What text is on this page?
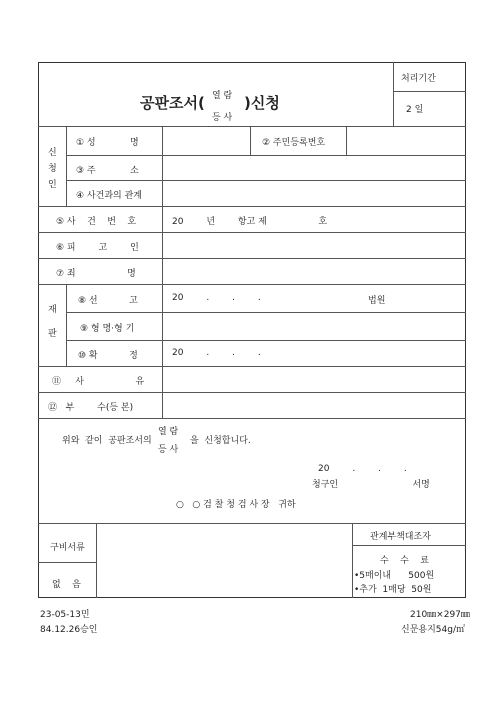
공판조서( 열 람
등 사
)신청
처리기간
2 일
신
청
인
① 성            명	② 주민등록번호
③ 주            소
④ 사건과의 관계
⑤ 사    건    번    호	20        년        항고 제                  호
⑥ 피        고        인
⑦ 죄                  명
재

판
⑧ 선           고	20        .        .        .	법원
⑨ 형 명·형 기
⑩ 확           정	20        .        .        .
⑪     사                  유
⑫   부        수(등 본)
위와  같이  공판조서의
열 람
등 사
을  신청합니다.
20        .        .        .
청구인                          서명
○   ○ 검 찰 청 검 사 장   귀하
구비서류
없    음
관계부책대조자
수    수    료
•5매이내      500원
•추가  1매당  50원
23-05-13민
84.12.26승인
210㎜×297㎜
신문용지54g/㎡
